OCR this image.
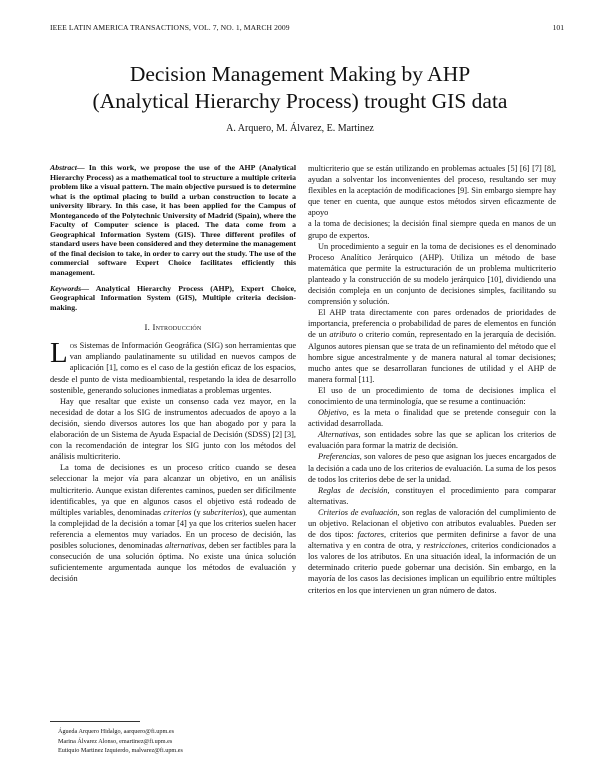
IEEE LATIN AMERICA TRANSACTIONS, VOL. 7, NO. 1, MARCH 2009	101
Decision Management Making by AHP
(Analytical Hierarchy Process) trought GIS data
A. Arquero, M. Álvarez, E. Martinez
Abstract— In this work, we propose the use of the AHP (Analytical Hierarchy Process) as a mathematical tool to structure a multiple criteria problem like a visual pattern. The main objective pursued is to determine what is the optimal placing to build a urban construction to locate a university library. In this case, it has been applied for the Campus of Montegancedo of the Polytechnic University of Madrid (Spain), where the Faculty of Computer science is placed. The data come from a Geographical Information System (GIS). Three different profiles of standard users have been considered and they determine the management of the final decision to take, in order to carry out the study. The use of the commercial software Expert Choice facilitates efficiently this management.
Keywords— Analytical Hierarchy Process (AHP), Expert Choice, Geographical Information System (GIS), Multiple criteria decision-making.
I. Introducción

Los Sistemas de Información Geográfica (SIG) son herramientas que van ampliando paulatinamente su utilidad en nuevos campos de aplicación [1], como es el caso de la gestión eficaz de los espacios, desde el punto de vista medioambiental, respetando la idea de desarrollo sostenible, generando soluciones inmediatas a problemas urgentes.

Hay que resaltar que existe un consenso cada vez mayor, en la necesidad de dotar a los SIG de instrumentos adecuados de apoyo a la decisión, siendo diversos autores los que han abogado por y para la elaboración de un Sistema de Ayuda Espacial de Decisión (SDSS) [2] [3], con la recomendación de integrar los SIG junto con los métodos del análisis multicriterio.

La toma de decisiones es un proceso crítico cuando se desea seleccionar la mejor vía para alcanzar un objetivo, en un análisis multicriterio. Aunque existan diferentes caminos, pueden ser difícilmente identificables, ya que en algunos casos el objetivo está rodeado de múltiples variables, denominadas criterios (y subcriterios), que aumentan la complejidad de la decisión a tomar [4] ya que los criterios suelen hacer referencia a elementos muy variados. En un proceso de decisión, las posibles soluciones, denominadas alternativas, deben ser factibles para la consecución de una solución óptima. No existe una única solución suficientemente argumentada aunque los métodos de evaluación y decisión

multicriterio que se están utilizando en problemas actuales [5] [6] [7] [8], ayudan a solventar los inconvenientes del proceso, resultando ser muy flexibles en la aceptación de modificaciones [9]. Sin embargo siempre hay que tener en cuenta, que aunque estos métodos sirven eficazmente de apoyo

a la toma de decisiones; la decisión final siempre queda en manos de un grupo de expertos.

Un procedimiento a seguir en la toma de decisiones es el denominado Proceso Analítico Jerárquico (AHP). Utiliza un método de base matemática que permite la estructuración de un problema multicriterio planteado y la construcción de su modelo jerárquico [10], dividiendo una decisión compleja en un conjunto de decisiones simples, facilitando su comprensión y solución.

El AHP trata directamente con pares ordenados de prioridades de importancia, preferencia o probabilidad de pares de elementos en función de un atributo o criterio común, representado en la jerarquía de decisión. Algunos autores piensan que se trata de un refinamiento del método que el hombre sigue ancestralmente y de manera natural al tomar decisiones; mucho antes que se desarrollaran funciones de utilidad y el AHP de manera formal [11].

El uso de un procedimiento de toma de decisiones implica el conocimiento de una terminología, que se resume a continuación:

Objetivo, es la meta o finalidad que se pretende conseguir con la actividad desarrollada.

Alternativas, son entidades sobre las que se aplican los criterios de evaluación para formar la matriz de decisión.

Preferencias, son valores de peso que asignan los jueces encargados de la decisión a cada uno de los criterios de evaluación. La suma de los pesos de todos los criterios debe de ser la unidad.

Reglas de decisión, constituyen el procedimiento para comparar alternativas.

Criterios de evaluación, son reglas de valoración del cumplimiento de un objetivo. Relacionan el objetivo con atributos evaluables. Pueden ser de dos tipos: factores, criterios que permiten definirse a favor de una alternativa y en contra de otra, y restricciones, criterios condicionados a los valores de los atributos. En una situación ideal, la información de un determinado criterio puede gobernar una decisión. Sin embargo, en la mayoría de los casos las decisiones implican un equilibrio entre múltiples criterios en los que intervienen un gran número de datos.

Águeda Arquero Hidalgo, aarquero@fi.upm.es
Marina Álvarez Alonso, emartinez@fi.upm.es
Eutiquio Martinez Izquierdo, malvarez@fi.upm.es
